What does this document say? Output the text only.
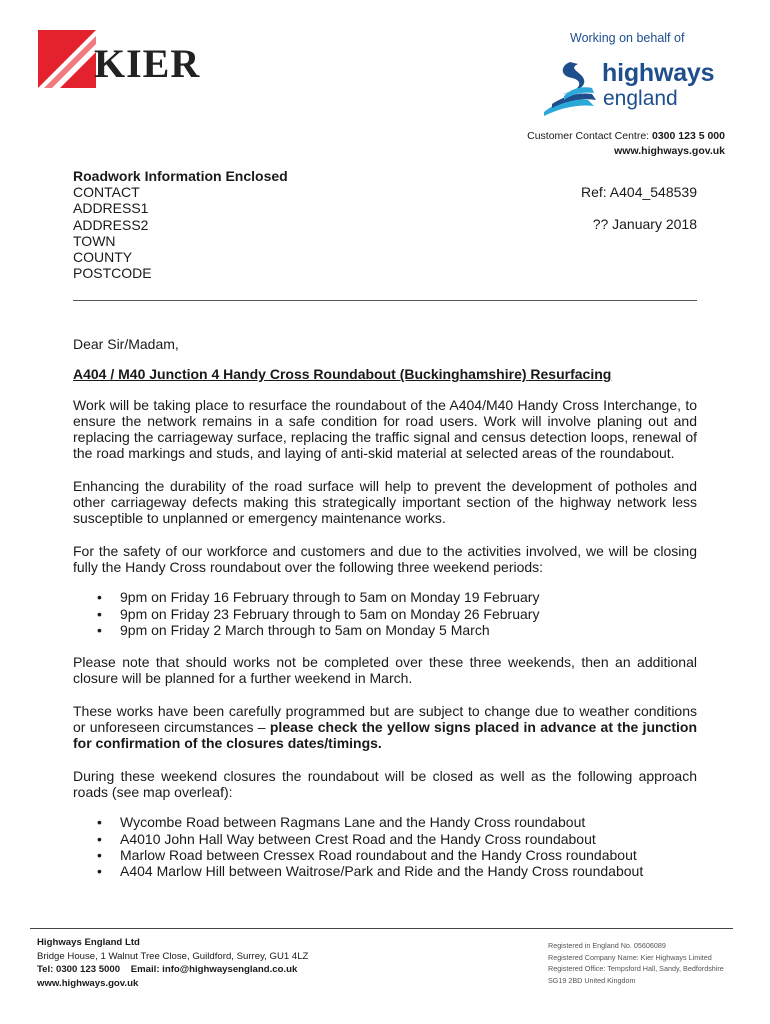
KIER
Working on behalf of
highways
england
Customer Contact Centre: 0300 123 5 000
www.highways.gov.uk
Roadwork Information Enclosed
CONTACT
ADDRESS1
ADDRESS2
TOWN
COUNTY
POSTCODE
Ref: A404_548539
?? January 2018

Dear Sir/Madam,

A404 / M40 Junction 4 Handy Cross Roundabout (Buckinghamshire) Resurfacing

Work will be taking place to resurface the roundabout of the A404/M40 Handy Cross Interchange, to ensure the network remains in a safe condition for road users. Work will involve planing out and replacing the carriageway surface, replacing the traffic signal and census detection loops, renewal of the road markings and studs, and laying of anti-skid material at selected areas of the roundabout.

Enhancing the durability of the road surface will help to prevent the development of potholes and other carriageway defects making this strategically important section of the highway network less susceptible to unplanned or emergency maintenance works.

For the safety of our workforce and customers and due to the activities involved, we will be closing fully the Handy Cross roundabout over the following three weekend periods:

• 9pm on Friday 16 February through to 5am on Monday 19 February
• 9pm on Friday 23 February through to 5am on Monday 26 February
• 9pm on Friday 2 March through to 5am on Monday 5 March

Please note that should works not be completed over these three weekends, then an additional closure will be planned for a further weekend in March.

These works have been carefully programmed but are subject to change due to weather conditions or unforeseen circumstances – please check the yellow signs placed in advance at the junction for confirmation of the closures dates/timings.

During these weekend closures the roundabout will be closed as well as the following approach roads (see map overleaf):

• Wycombe Road between Ragmans Lane and the Handy Cross roundabout
• A4010 John Hall Way between Crest Road and the Handy Cross roundabout
• Marlow Road between Cressex Road roundabout and the Handy Cross roundabout
• A404 Marlow Hill between Waitrose/Park and Ride and the Handy Cross roundabout
Highways England Ltd
Bridge House, 1 Walnut Tree Close, Guildford, Surrey, GU1 4LZ
Tel: 0300 123 5000 Email: info@highwaysengland.co.uk
www.highways.gov.uk
Registered in England No. 05606089
Registered Company Name: Kier Highways Limited
Registered Office: Tempsford Hall, Sandy, Bedfordshire
SG19 2BD United Kingdom
